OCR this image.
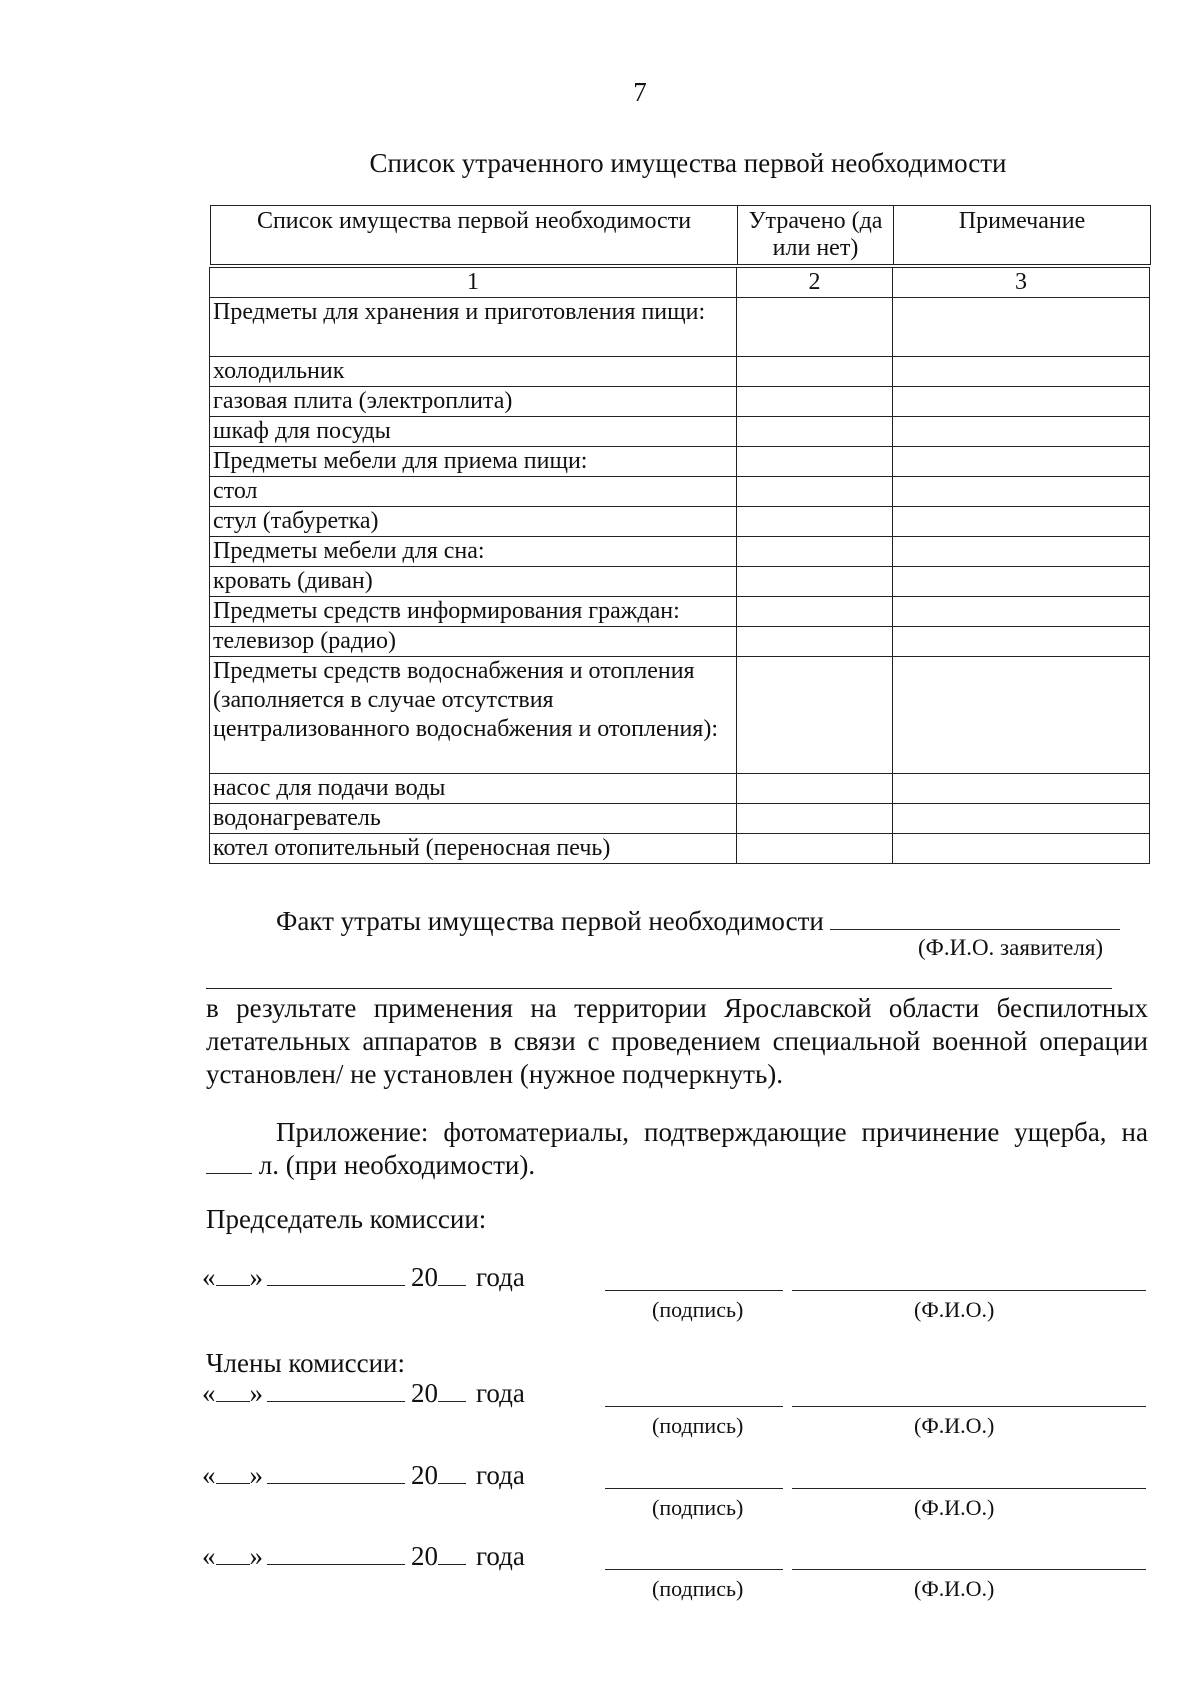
7
Список утраченного имущества первой необходимости
Список имущества первой необходимости	Утрачено (да или нет)	Примечание
1	2	3
Предметы для хранения и приготовления пищи:		
холодильник		
газовая плита (электроплита)		
шкаф для посуды		
Предметы мебели для приема пищи:		
стол		
стул (табуретка)		
Предметы мебели для сна:		
кровать (диван)		
Предметы средств информирования граждан:		
телевизор (радио)		
Предметы средств водоснабжения и отопления (заполняется в случае отсутствия централизованного водоснабжения и отопления):		
насос для подачи воды		
водонагреватель		
котел отопительный (переносная печь)		
Факт утраты имущества первой необходимости
(Ф.И.О. заявителя)

в результате применения на территории Ярославской области беспилотных летательных аппаратов в связи с проведением специальной военной операции установлен/ не установлен (нужное подчеркнуть).

Приложение: фотоматериалы, подтверждающие причинение ущерба, на  л. (при необходимости).

Председатель комиссии:
« »	20 года
(подпись)	(Ф.И.О.)
Члены комиссии:
« »	20 года
(подпись)	(Ф.И.О.)
« »	20 года
(подпись)	(Ф.И.О.)
« »	20 года
(подпись)	(Ф.И.О.)
